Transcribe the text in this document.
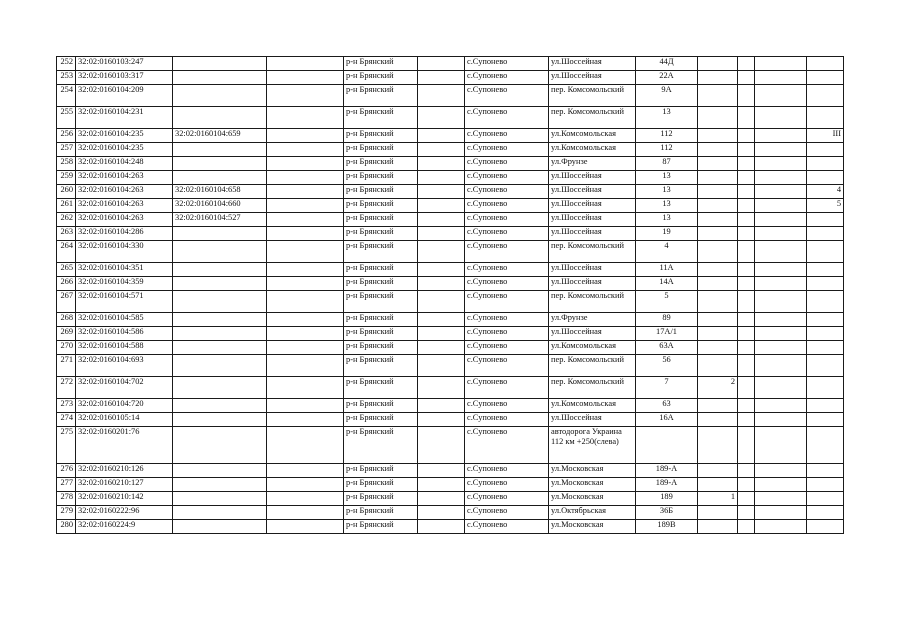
252	32:02:0160103:247			р-н Брянский		с.Супонево	ул.Шоссейная	44Д				
253	32:02:0160103:317			р-н Брянский		с.Супонево	ул.Шоссейная	22А				
254	32:02:0160104:209			р-н Брянский		с.Супонево	пер. Комсомольский	9А				
255	32:02:0160104:231			р-н Брянский		с.Супонево	пер. Комсомольский	13				
256	32:02:0160104:235	32:02:0160104:659		р-н Брянский		с.Супонево	ул.Комсомольская	112				III
257	32:02:0160104:235			р-н Брянский		с.Супонево	ул.Комсомольская	112				
258	32:02:0160104:248			р-н Брянский		с.Супонево	ул.Фрунзе	87				
259	32:02:0160104:263			р-н Брянский		с.Супонево	ул.Шоссейная	13				
260	32:02:0160104:263	32:02:0160104:658		р-н Брянский		с.Супонево	ул.Шоссейная	13				4
261	32:02:0160104:263	32:02:0160104:660		р-н Брянский		с.Супонево	ул.Шоссейная	13				5
262	32:02:0160104:263	32:02:0160104:527		р-н Брянский		с.Супонево	ул.Шоссейная	13				
263	32:02:0160104:286			р-н Брянский		с.Супонево	ул.Шоссейная	19				
264	32:02:0160104:330			р-н Брянский		с.Супонево	пер. Комсомольский	4				
265	32:02:0160104:351			р-н Брянский		с.Супонево	ул.Шоссейная	11А				
266	32:02:0160104:359			р-н Брянский		с.Супонево	ул.Шоссейная	14А				
267	32:02:0160104:571			р-н Брянский		с.Супонево	пер. Комсомольский	5				
268	32:02:0160104:585			р-н Брянский		с.Супонево	ул.Фрунзе	89				
269	32:02:0160104:586			р-н Брянский		с.Супонево	ул.Шоссейная	17А/1				
270	32:02:0160104:588			р-н Брянский		с.Супонево	ул.Комсомольская	63А				
271	32:02:0160104:693			р-н Брянский		с.Супонево	пер. Комсомольский	56				
272	32:02:0160104:702			р-н Брянский		с.Супонево	пер. Комсомольский	7	2			
273	32:02:0160104:720			р-н Брянский		с.Супонево	ул.Комсомольская	63				
274	32:02:0160105:14			р-н Брянский		с.Супонево	ул.Шоссейная	16А				
275	32:02:0160201:76			р-н Брянский		с.Супонево	автодорога Украина 112 км +250(слева)					
276	32:02:0160210:126			р-н Брянский		с.Супонево	ул.Московская	189-А				
277	32:02:0160210:127			р-н Брянский		с.Супонево	ул.Московская	189-А				
278	32:02:0160210:142			р-н Брянский		с.Супонево	ул.Московская	189	1			
279	32:02:0160222:96			р-н Брянский		с.Супонево	ул.Октябрьская	36Б				
280	32:02:0160224:9			р-н Брянский		с.Супонево	ул.Московская	189В				
